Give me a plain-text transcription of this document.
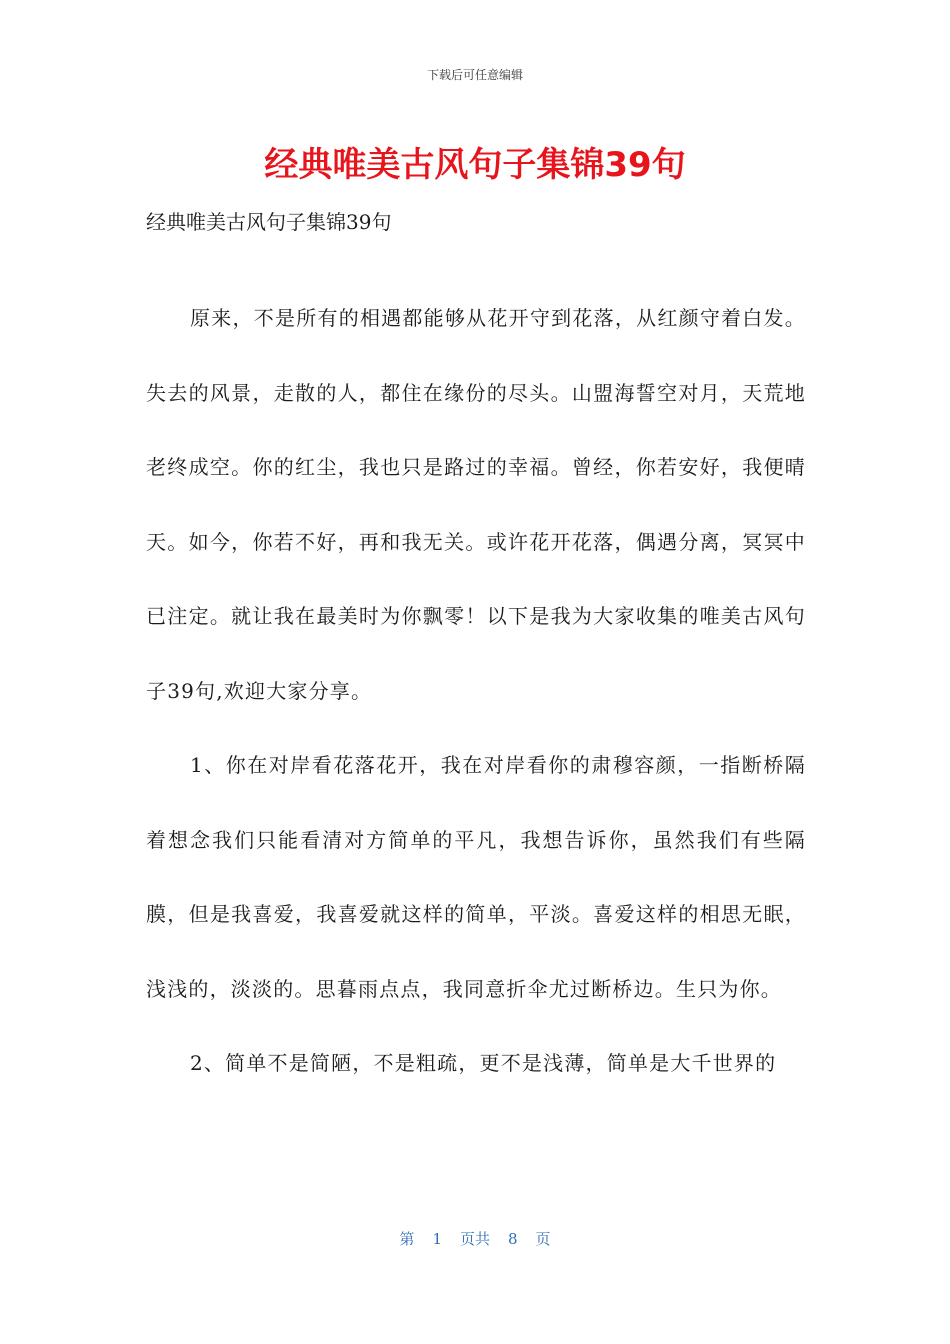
下载后可任意编辑
经典唯美古风句子集锦39句
经典唯美古风句子集锦39句

原来，不是所有的相遇都能够从花开守到花落，从红颜守着白发。失去的风景，走散的人，都住在缘份的尽头。山盟海誓空对月，天荒地老终成空。你的红尘，我也只是路过的幸福。曾经，你若安好，我便晴天。如今，你若不好，再和我无关。或许花开花落，偶遇分离，冥冥中已注定。就让我在最美时为你飘零！以下是我为大家收集的唯美古风句子39句,欢迎大家分享。

1、你在对岸看花落花开，我在对岸看你的肃穆容颜，一指断桥隔着想念我们只能看清对方简单的平凡，我想告诉你，虽然我们有些隔膜，但是我喜爱，我喜爱就这样的简单，平淡。喜爱这样的相思无眠，浅浅的，淡淡的。思暮雨点点，我同意折伞尤过断桥边。生只为你。

2、简单不是简陋，不是粗疏，更不是浅薄，简单是大千世界的

第 1 页共 8 页
